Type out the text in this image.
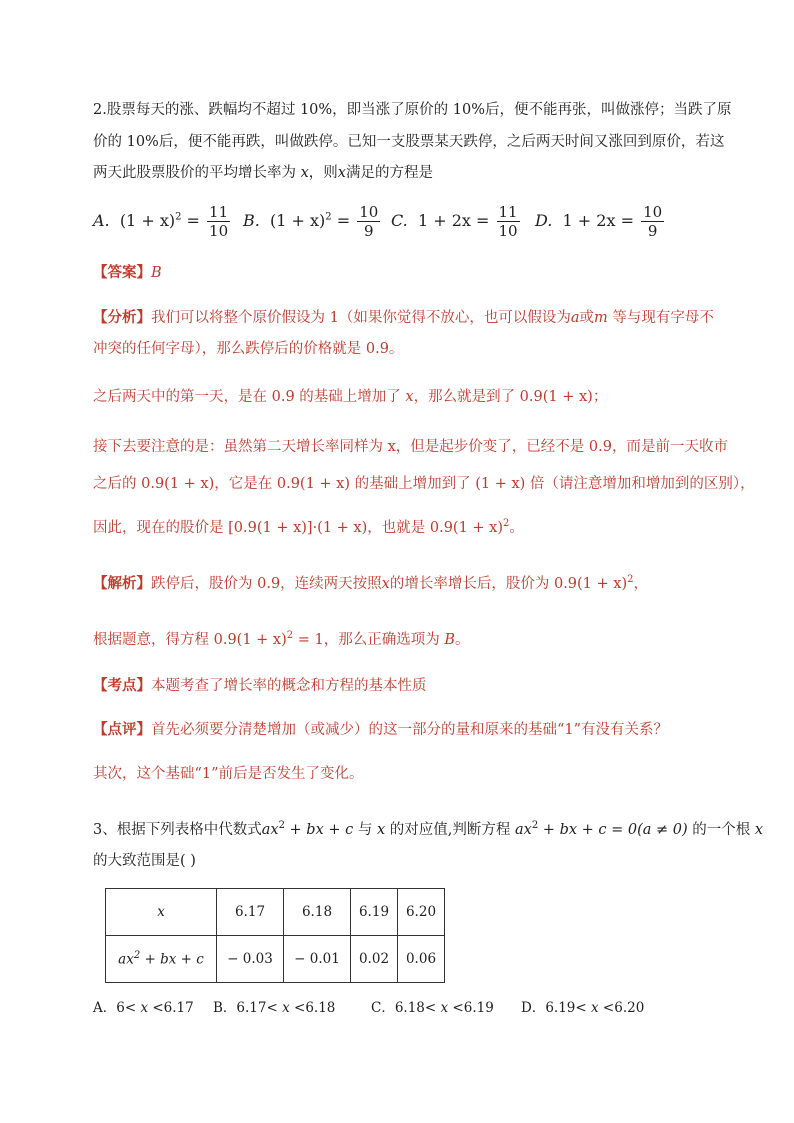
2.股票每天的涨、跌幅均不超过 10%，即当涨了原价的 10%后，便不能再张，叫做涨停；当跌了原
价的 10%后，便不能再跌，叫做跌停。已知一支股票某天跌停，之后两天时间又涨回到原价，若这
两天此股票股价的平均增长率为 x，则x满足的方程是
A. $(1 + x)^2 = \frac{11}{10} B$. $(1 + x)^2 = \frac{10}{9} C$. $1 + 2x = \frac{11}{10} D$. $1 + 2x = \frac{10}{9}$
【答案】B
【分析】我们可以将整个原价假设为 1（如果你觉得不放心，也可以假设为a或m 等与现有字母不
冲突的任何字母），那么跌停后的价格就是 0.9。
之后两天中的第一天，是在 0.9 的基础上增加了 x，那么就是到了 0.9(1 + x)；
接下去要注意的是：虽然第二天增长率同样为 x，但是起步价变了，已经不是 0.9，而是前一天收市
之后的 0.9(1 + x)，它是在 0.9(1 + x) 的基础上增加到了 (1 + x) 倍（请注意增加和增加到的区别），
因此，现在的股价是 [0.9(1 + x)]·(1 + x)，也就是 $0.9(1 + x)^2$。
【解析】跌停后，股价为 0.9，连续两天按照x的增长率增长后，股价为 $0.9(1 + x)^2$，
根据题意，得方程 $0.9(1 + x)^2 = 1$，那么正确选项为 B。
【考点】本题考查了增长率的概念和方程的基本性质
【点评】首先必须要分清楚增加（或减少）的这一部分的量和原来的基础“1”有没有关系？
其次，这个基础“1”前后是否发生了变化。
3、根据下列表格中代数式$ax^2$ + bx + c 与 x 的对应值,判断方程 $ax^2$ + bx + c = 0(a ≠ 0) 的一个根 x
的大致范围是( )
x	6.17	6.18	6.19	6.20
$ax^2$ + bx + c	− 0.03	− 0.01	0.02	0.06
A．6< x <6.17 B．6.17< x <6.18	C．6.18< x <6.19 D．6.19< x <6.20
